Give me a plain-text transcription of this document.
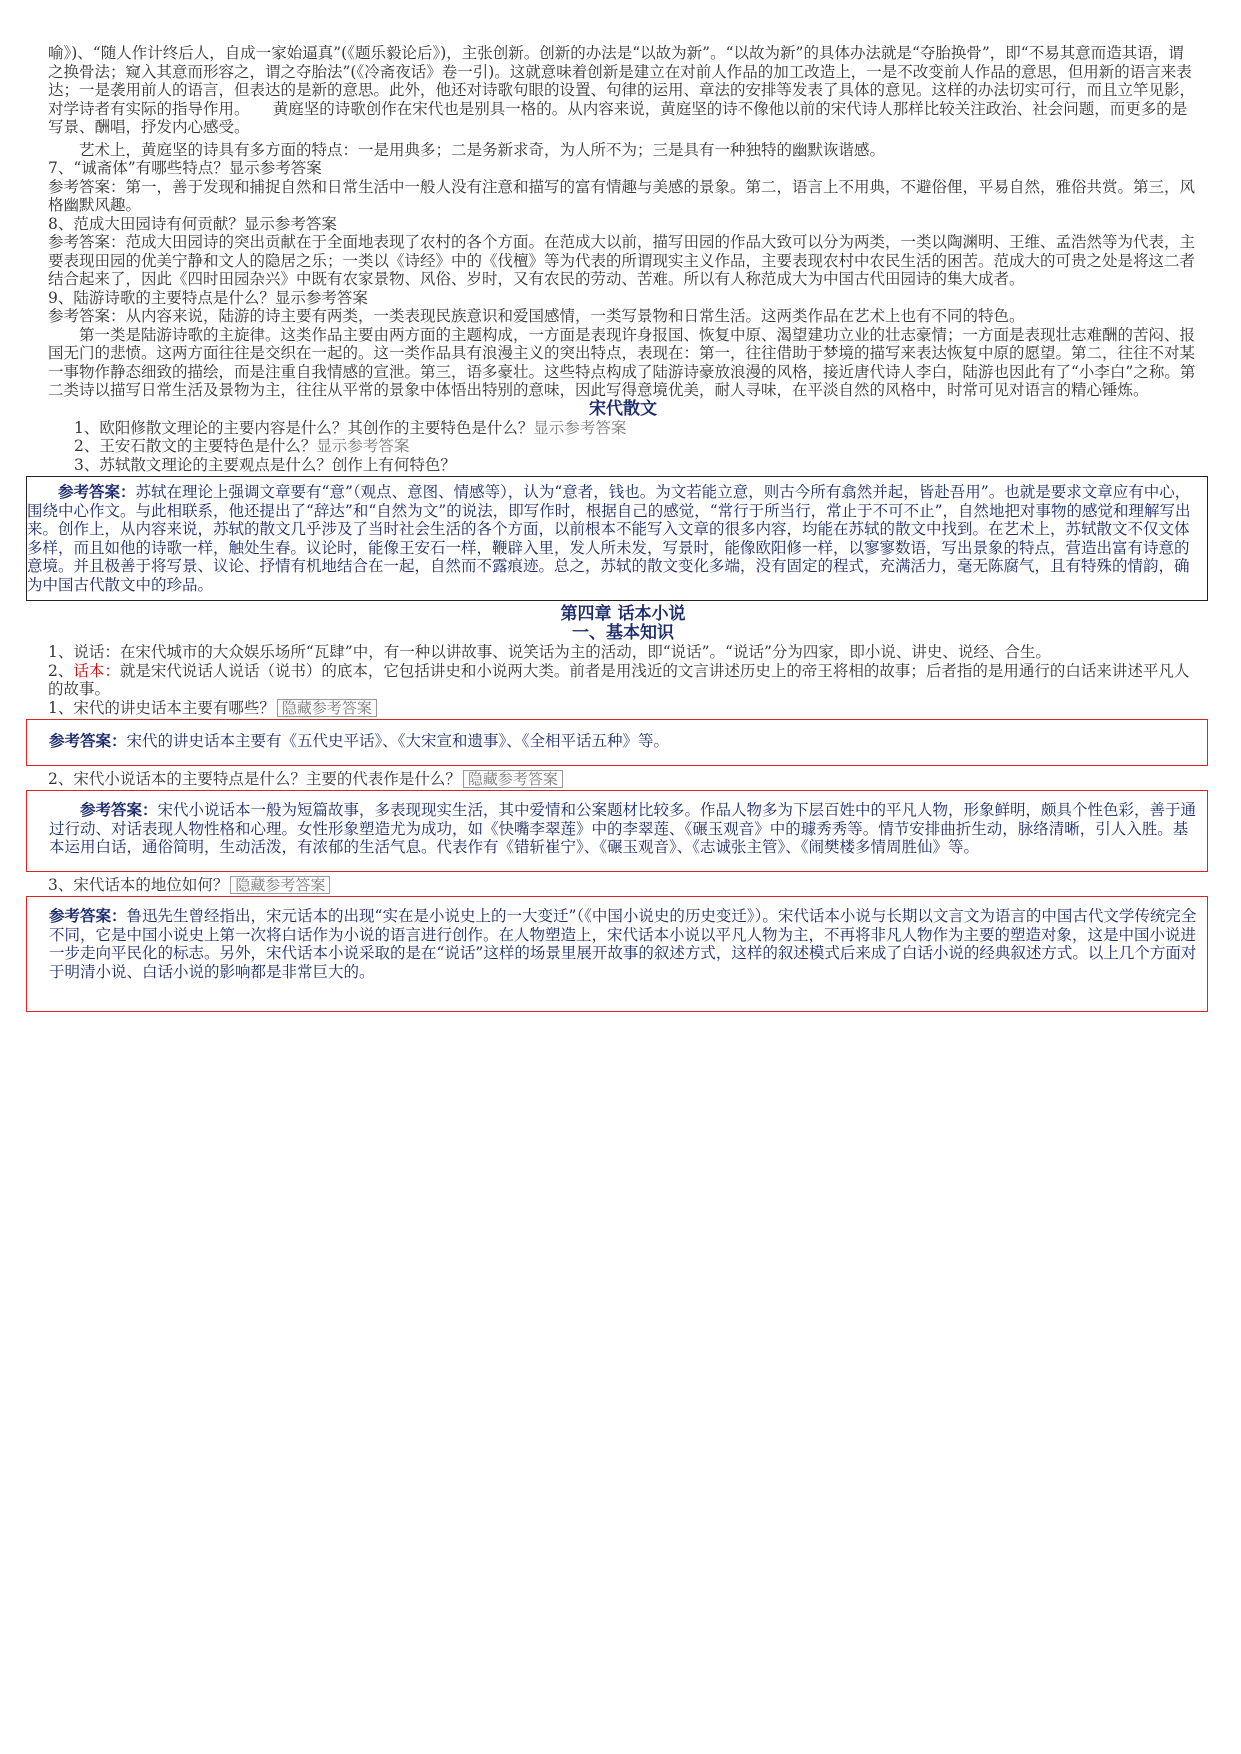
喻》)、“随人作计终后人，自成一家始逼真”(《题乐毅论后》)，主张创新。创新的办法是“以故为新”。“以故为新”的具体办法就是“夺胎换骨”，即“不易其意而造其语，谓之换骨法；窥入其意而形容之，谓之夺胎法”(《冷斋夜话》卷一引)。这就意味着创新是建立在对前人作品的加工改造上，一是不改变前人作品的意思，但用新的语言来表达；一是袭用前人的语言，但表达的是新的意思。此外，他还对诗歌句眼的设置、句律的运用、章法的安排等发表了具体的意见。这样的办法切实可行，而且立竿见影，对学诗者有实际的指导作用。　　黄庭坚的诗歌创作在宋代也是别具一格的。从内容来说，黄庭坚的诗不像他以前的宋代诗人那样比较关注政治、社会问题，而更多的是写景、酬唱，抒发内心感受。

艺术上，黄庭坚的诗具有多方面的特点：一是用典多；二是务新求奇，为人所不为；三是具有一种独特的幽默诙谐感。

7、“诚斋体”有哪些特点？显示参考答案

参考答案：第一，善于发现和捕捉自然和日常生活中一般人没有注意和描写的富有情趣与美感的景象。第二，语言上不用典，不避俗俚，平易自然，雅俗共赏。第三，风格幽默风趣。

8、范成大田园诗有何贡献？显示参考答案

参考答案：范成大田园诗的突出贡献在于全面地表现了农村的各个方面。在范成大以前，描写田园的作品大致可以分为两类，一类以陶渊明、王维、孟浩然等为代表，主要表现田园的优美宁静和文人的隐居之乐；一类以《诗经》中的《伐檀》等为代表的所谓现实主义作品，主要表现农村中农民生活的困苦。范成大的可贵之处是将这二者结合起来了，因此《四时田园杂兴》中既有农家景物、风俗、岁时，又有农民的劳动、苦难。所以有人称范成大为中国古代田园诗的集大成者。

9、陆游诗歌的主要特点是什么？显示参考答案

参考答案：从内容来说，陆游的诗主要有两类，一类表现民族意识和爱国感情，一类写景物和日常生活。这两类作品在艺术上也有不同的特色。

第一类是陆游诗歌的主旋律。这类作品主要由两方面的主题构成，一方面是表现许身报国、恢复中原、渴望建功立业的壮志豪情；一方面是表现壮志难酬的苦闷、报国无门的悲愤。这两方面往往是交织在一起的。这一类作品具有浪漫主义的突出特点，表现在：第一，往往借助于梦境的描写来表达恢复中原的愿望。第二，往往不对某一事物作静态细致的描绘，而是注重自我情感的宣泄。第三，语多豪壮。这些特点构成了陆游诗豪放浪漫的风格，接近唐代诗人李白，陆游也因此有了“小李白”之称。第二类诗以描写日常生活及景物为主，往往从平常的景象中体悟出特别的意味，因此写得意境优美，耐人寻味，在平淡自然的风格中，时常可见对语言的精心锤炼。

宋代散文

1、欧阳修散文理论的主要内容是什么？其创作的主要特色是什么？显示参考答案

2、王安石散文的主要特色是什么？显示参考答案

3、苏轼散文理论的主要观点是什么？创作上有何特色？

参考答案：苏轼在理论上强调文章要有“意”（观点、意图、情感等），认为“意者，钱也。为文若能立意，则古今所有翕然并起，皆赴吾用”。也就是要求文章应有中心，围绕中心作文。与此相联系，他还提出了“辞达”和“自然为文”的说法，即写作时，根据自己的感觉，“常行于所当行，常止于不可不止”，自然地把对事物的感觉和理解写出来。创作上，从内容来说，苏轼的散文几乎涉及了当时社会生活的各个方面，以前根本不能写入文章的很多内容，均能在苏轼的散文中找到。在艺术上，苏轼散文不仅文体多样，而且如他的诗歌一样，触处生春。议论时，能像王安石一样，鞭辟入里，发人所未发，写景时，能像欧阳修一样，以寥寥数语，写出景象的特点，营造出富有诗意的意境。并且极善于将写景、议论、抒情有机地结合在一起，自然而不露痕迹。总之，苏轼的散文变化多端，没有固定的程式，充满活力，毫无陈腐气，且有特殊的情韵，确为中国古代散文中的珍品。

第四章 话本小说

一、基本知识

1、说话：在宋代城市的大众娱乐场所“瓦肆”中，有一种以讲故事、说笑话为主的活动，即“说话”。“说话”分为四家，即小说、讲史、说经、合生。

2、话本：就是宋代说话人说话（说书）的底本，它包括讲史和小说两大类。前者是用浅近的文言讲述历史上的帝王将相的故事；后者指的是用通行的白话来讲述平凡人的故事。

1、宋代的讲史话本主要有哪些？ 隐藏参考答案

参考答案：宋代的讲史话本主要有《五代史平话》、《大宋宣和遗事》、《全相平话五种》等。

2、宋代小说话本的主要特点是什么？主要的代表作是什么？ 隐藏参考答案

参考答案：宋代小说话本一般为短篇故事，多表现现实生活，其中爱情和公案题材比较多。作品人物多为下层百姓中的平凡人物，形象鲜明，颇具个性色彩，善于通过行动、对话表现人物性格和心理。女性形象塑造尤为成功，如《快嘴李翠莲》中的李翠莲、《碾玉观音》中的璩秀秀等。情节安排曲折生动，脉络清晰，引人入胜。基本运用白话，通俗简明，生动活泼，有浓郁的生活气息。代表作有《错斩崔宁》、《碾玉观音》、《志诚张主管》、《闹樊楼多情周胜仙》等。

3、宋代话本的地位如何？ 隐藏参考答案

参考答案：鲁迅先生曾经指出，宋元话本的出现“实在是小说史上的一大变迁”（《中国小说史的历史变迁》）。宋代话本小说与长期以文言文为语言的中国古代文学传统完全不同，它是中国小说史上第一次将白话作为小说的语言进行创作。在人物塑造上，宋代话本小说以平凡人物为主，不再将非凡人物作为主要的塑造对象，这是中国小说进一步走向平民化的标志。另外，宋代话本小说采取的是在“说话”这样的场景里展开故事的叙述方式，这样的叙述模式后来成了白话小说的经典叙述方式。以上几个方面对于明清小说、白话小说的影响都是非常巨大的。
